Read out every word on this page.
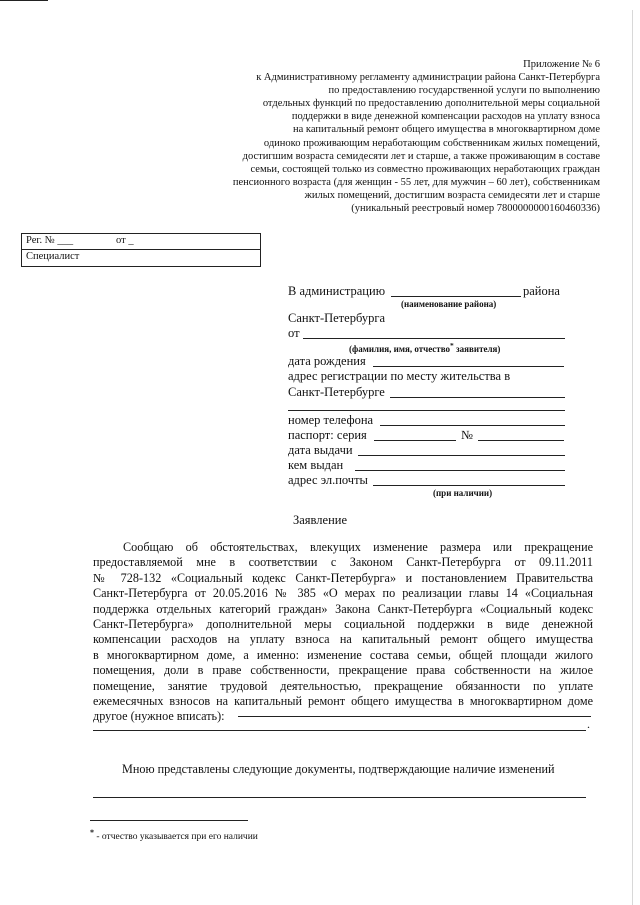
Приложение № 6
к Административному регламенту администрации района Санкт-Петербурга
по предоставлению государственной услуги по выполнению
отдельных функций по предоставлению дополнительной меры социальной
поддержки в виде денежной компенсации расходов на уплату взноса
на капитальный ремонт общего имущества в многоквартирном доме
одиноко проживающим неработающим собственникам жилых помещений,
достигшим возраста семидесяти лет и старше, а также проживающим в составе
семьи, состоящей только из совместно проживающих неработающих граждан
пенсионного возраста (для женщин - 55 лет, для мужчин – 60 лет), собственникам
жилых помещений, достигшим возраста семидесяти лет и старше
(уникальный реестровый номер 7800000000160460336)
Рег. № ___	от _
Специалист
В администрацию	района
(наименование района)
Санкт-Петербурга
от
(фамилия, имя, отчество* заявителя)
дата рождения
адрес регистрации по месту жительства в
Санкт-Петербурге
номер телефона
паспорт: серия	№
дата выдачи
кем выдан
адрес эл.почты
(при наличии)
Заявление
Сообщаю об обстоятельствах, влекущих изменение размера или прекращение
предоставляемой мне в соответствии с Законом Санкт-Петербурга от 09.11.2011
№ 728-132 «Социальный кодекс Санкт-Петербурга» и постановлением Правительства
Санкт-Петербурга от 20.05.2016 № 385 «О мерах по реализации главы 14 «Социальная
поддержка отдельных категорий граждан» Закона Санкт-Петербурга «Социальный кодекс
Санкт-Петербурга» дополнительной меры социальной поддержки в виде денежной
компенсации расходов на уплату взноса на капитальный ремонт общего имущества
в многоквартирном доме, а именно: изменение состава семьи, общей площади жилого
помещения, доли в праве собственности, прекращение права собственности на жилое
помещение, занятие трудовой деятельностью, прекращение обязанности по уплате
ежемесячных взносов на капитальный ремонт общего имущества в многоквартирном доме
другое (нужное вписать):
.
Мною представлены следующие документы, подтверждающие наличие изменений
* - отчество указывается при его наличии
